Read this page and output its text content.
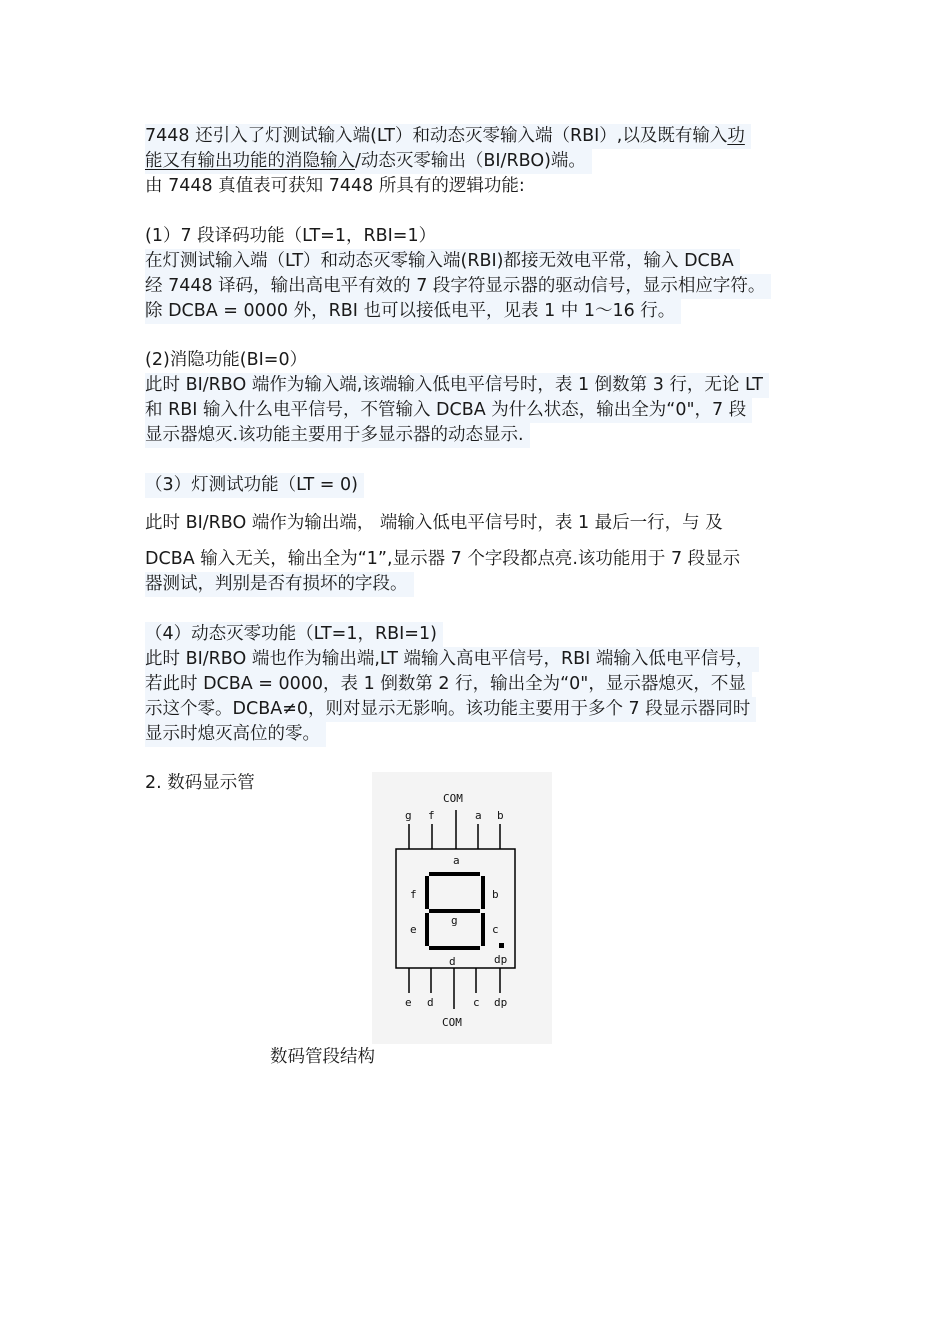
7448 还引入了灯测试输入端(LT）和动态灭零输入端（RBI）,以及既有输入功
能又有输出功能的消隐输入/动态灭零输出（BI/RBO)端。
由 7448 真值表可获知 7448 所具有的逻辑功能:
(1）7 段译码功能（LT=1，RBI=1）
在灯测试输入端（LT）和动态灭零输入端(RBI)都接无效电平常，输入 DCBA
经 7448 译码，输出高电平有效的 7 段字符显示器的驱动信号，显示相应字符。
除 DCBA = 0000 外，RBI 也可以接低电平，见表 1 中 1～16 行。
(2)消隐功能(BI=0）
此时 BI/RBO 端作为输入端,该端输入低电平信号时，表 1 倒数第 3 行，无论 LT
和 RBI 输入什么电平信号，不管输入 DCBA 为什么状态，输出全为“0"，7 段
显示器熄灭.该功能主要用于多显示器的动态显示.
（3）灯测试功能（LT = 0)
此时 BI/RBO 端作为输出端， 端输入低电平信号时，表 1 最后一行，与 及
DCBA 输入无关，输出全为“1”,显示器 7 个字段都点亮.该功能用于 7 段显示
器测试，判别是否有损坏的字段。
（4）动态灭零功能（LT=1，RBI=1)
此时 BI/RBO 端也作为输出端,LT 端输入高电平信号，RBI 端输入低电平信号，
若此时 DCBA = 0000，表 1 倒数第 2 行，输出全为“0"，显示器熄灭，不显
示这个零。DCBA≠0，则对显示无影响。该功能主要用于多个 7 段显示器同时
显示时熄灭高位的零。
2. 数码显示管
COM
g f	a b
a
f	b
g
e	c
d	dp
e d	c dp
COM
数码管段结构
